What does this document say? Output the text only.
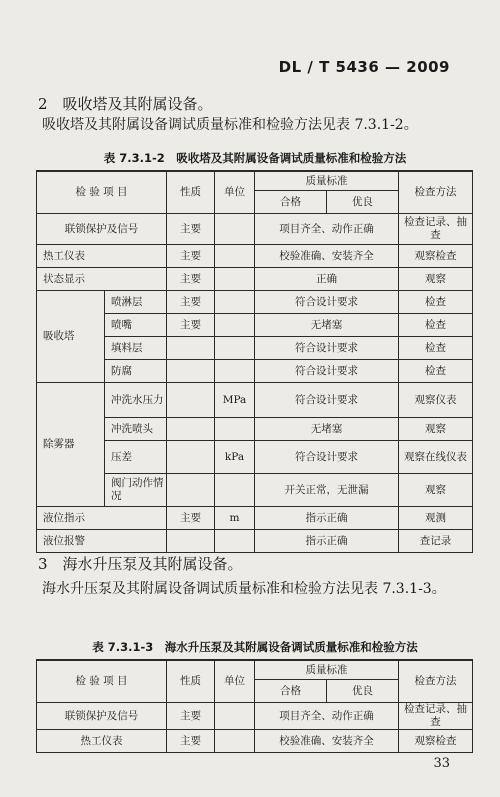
DL / T 5436 — 2009
2　吸收塔及其附属设备。
吸收塔及其附属设备调试质量标准和检验方法见表 7.3.1-2。
表 7.3.1-2　吸收塔及其附属设备调试质量标准和检验方法
检 验 项 目		性质	单位	质量标准		检查方法
				合格	优良	
联锁保护及信号		主要		项目齐全、动作正确		检查记录、抽查
热工仪表		主要		校验准确、安装齐全		观察检查
状态显示		主要		正确		观察
吸收塔	喷淋层	主要		符合设计要求		检查
	喷嘴	主要		无堵塞		检查
	填料层			符合设计要求		检查
	防腐			符合设计要求		检查
除雾器	冲洗水压力		MPa	符合设计要求		观察仪表
	冲洗喷头			无堵塞		观察
	压差		kPa	符合设计要求		观察在线仪表
	阀门动作情况			开关正常，无泄漏		观察
液位指示		主要	m	指示正确		观测
液位报警				指示正确		查记录
3　海水升压泵及其附属设备。
海水升压泵及其附属设备调试质量标准和检验方法见表 7.3.1-3。
表 7.3.1-3　海水升压泵及其附属设备调试质量标准和检验方法
检 验 项 目	性质	单位	质量标准		检查方法
			合格	优良	
联锁保护及信号	主要		项目齐全、动作正确		检查记录、抽查
热工仪表	主要		校验准确、安装齐全		观察检查
33
